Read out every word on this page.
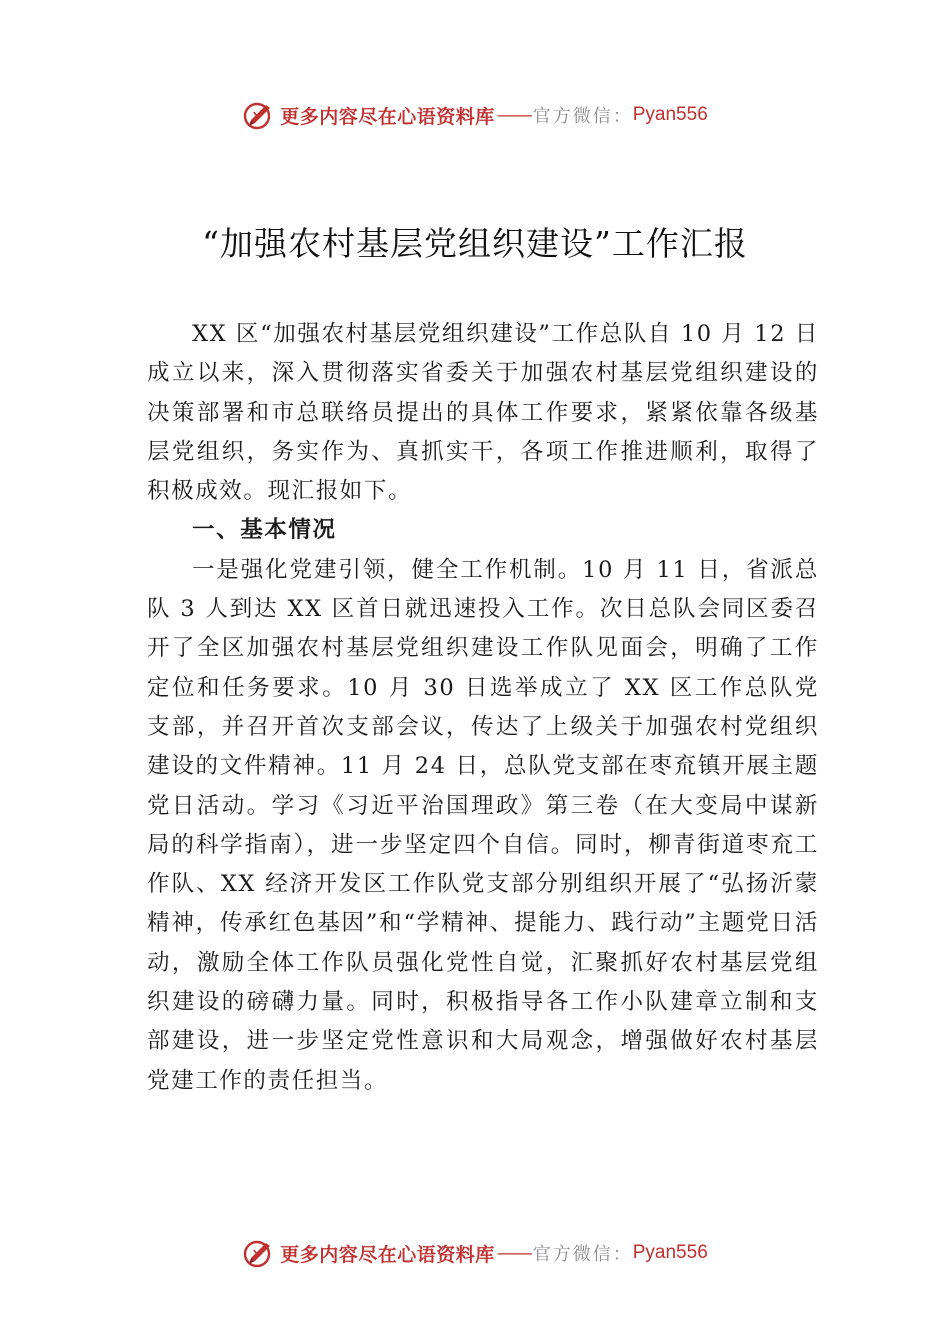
更多内容尽在心语资料库 —— 官方微信： Pyan556
“加强农村基层党组织建设”工作汇报

XX 区“加强农村基层党组织建设”工作总队自 10 月 12 日成立以来，深入贯彻落实省委关于加强农村基层党组织建设的决策部署和市总联络员提出的具体工作要求，紧紧依靠各级基层党组织，务实作为、真抓实干，各项工作推进顺利，取得了积极成效。现汇报如下。

一、基本情况

一是强化党建引领，健全工作机制。10 月 11 日，省派总队 3 人到达 XX 区首日就迅速投入工作。次日总队会同区委召开了全区加强农村基层党组织建设工作队见面会，明确了工作定位和任务要求。10 月 30 日选举成立了 XX 区工作总队党支部，并召开首次支部会议，传达了上级关于加强农村党组织建设的文件精神。11 月 24 日，总队党支部在枣㐬镇开展主题党日活动。学习《习近平治国理政》第三卷（在大变局中谋新局的科学指南），进一步坚定四个自信。同时，柳青街道枣㐬工作队、XX 经济开发区工作队党支部分别组织开展了“弘扬沂蒙精神，传承红色基因”和“学精神、提能力、践行动”主题党日活动，激励全体工作队员强化党性自觉，汇聚抓好农村基层党组织建设的磅礴力量。同时，积极指导各工作小队建章立制和支部建设，进一步坚定党性意识和大局观念，增强做好农村基层党建工作的责任担当。

更多内容尽在心语资料库 —— 官方微信： Pyan556
